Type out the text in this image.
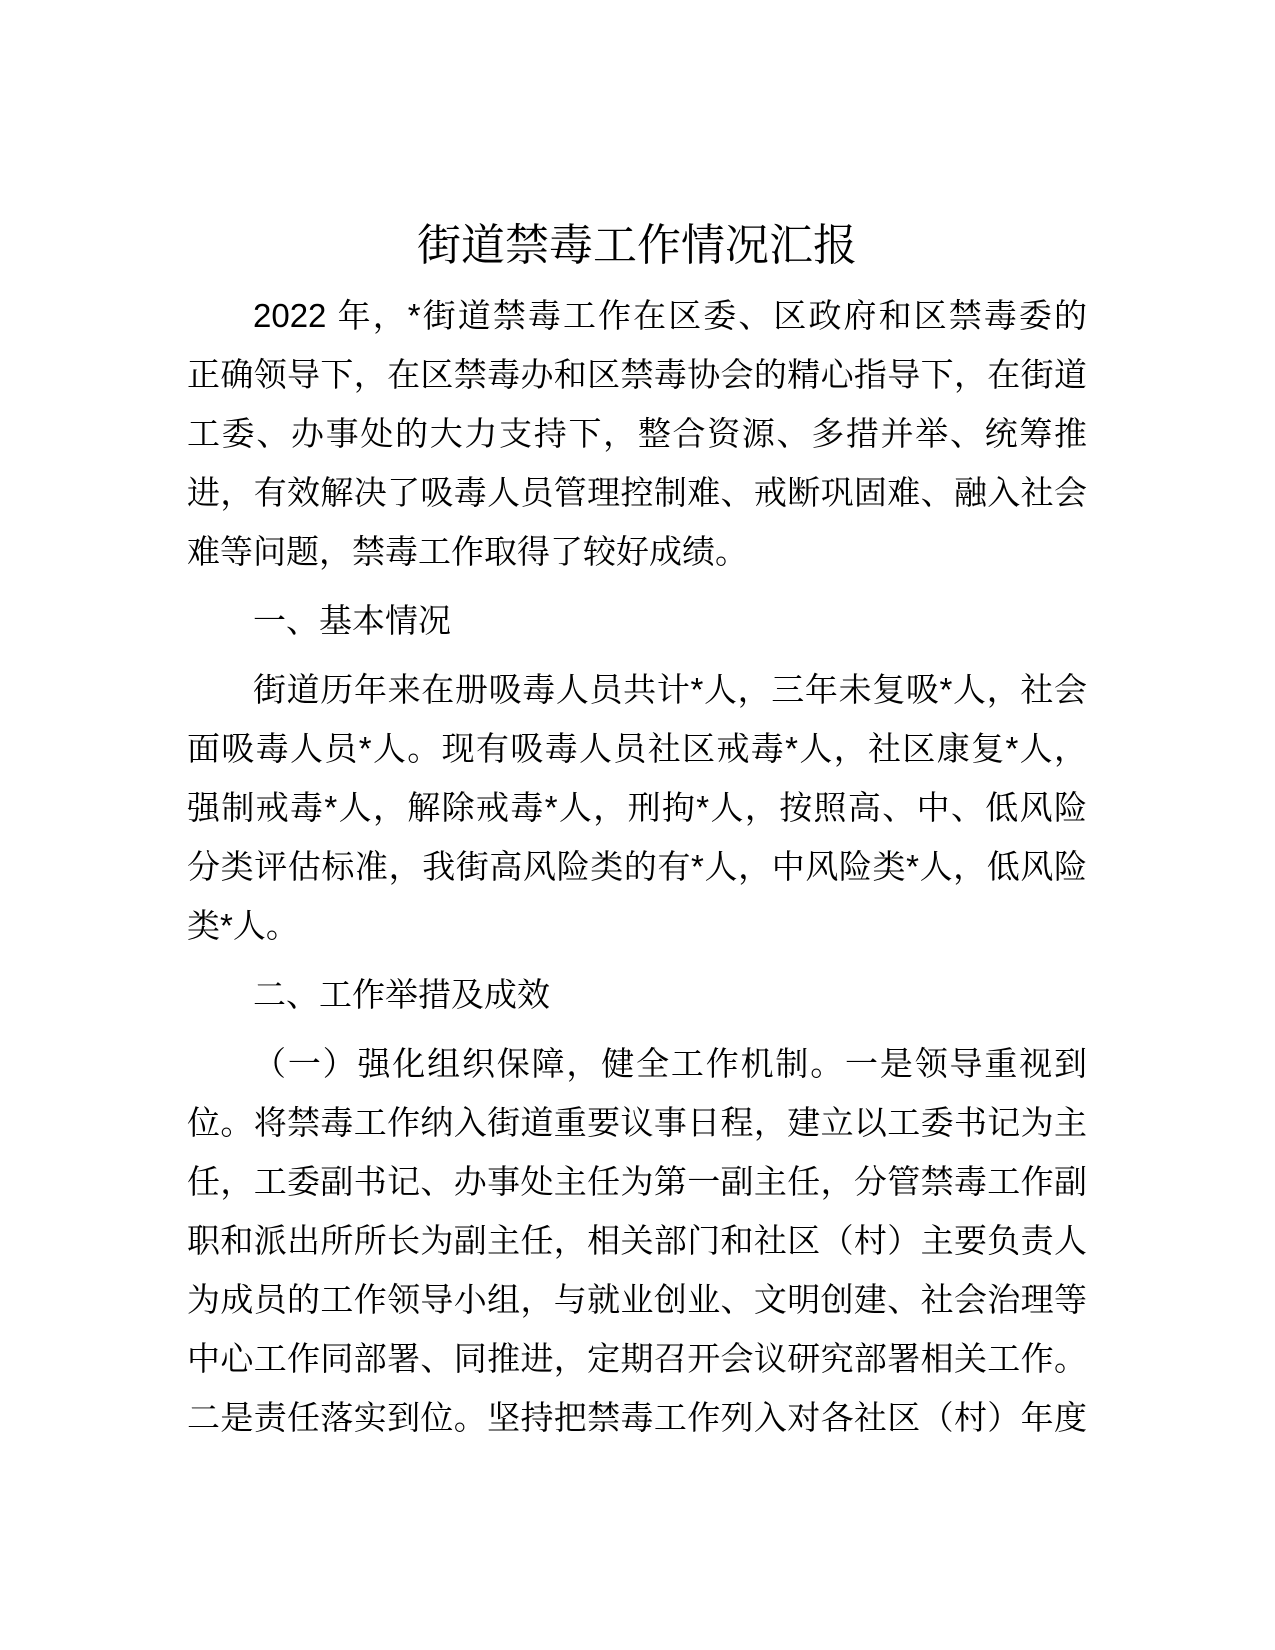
街道禁毒工作情况汇报
2022 年，*街道禁毒工作在区委、区政府和区禁毒委的
正确领导下，在区禁毒办和区禁毒协会的精心指导下，在街道
工委、办事处的大力支持下，整合资源、多措并举、统筹推
进，有效解决了吸毒人员管理控制难、戒断巩固难、融入社会
难等问题，禁毒工作取得了较好成绩。
一、基本情况
街道历年来在册吸毒人员共计*人，三年未复吸*人，社会
面吸毒人员*人。现有吸毒人员社区戒毒*人，社区康复*人，
强制戒毒*人，解除戒毒*人，刑拘*人，按照高、中、低风险
分类评估标准，我街高风险类的有*人，中风险类*人，低风险
类*人。
二、工作举措及成效
（一）强化组织保障，健全工作机制。一是领导重视到
位。将禁毒工作纳入街道重要议事日程，建立以工委书记为主
任，工委副书记、办事处主任为第一副主任，分管禁毒工作副
职和派出所所长为副主任，相关部门和社区（村）主要负责人
为成员的工作领导小组，与就业创业、文明创建、社会治理等
中心工作同部署、同推进，定期召开会议研究部署相关工作。
二是责任落实到位。坚持把禁毒工作列入对各社区（村）年度
